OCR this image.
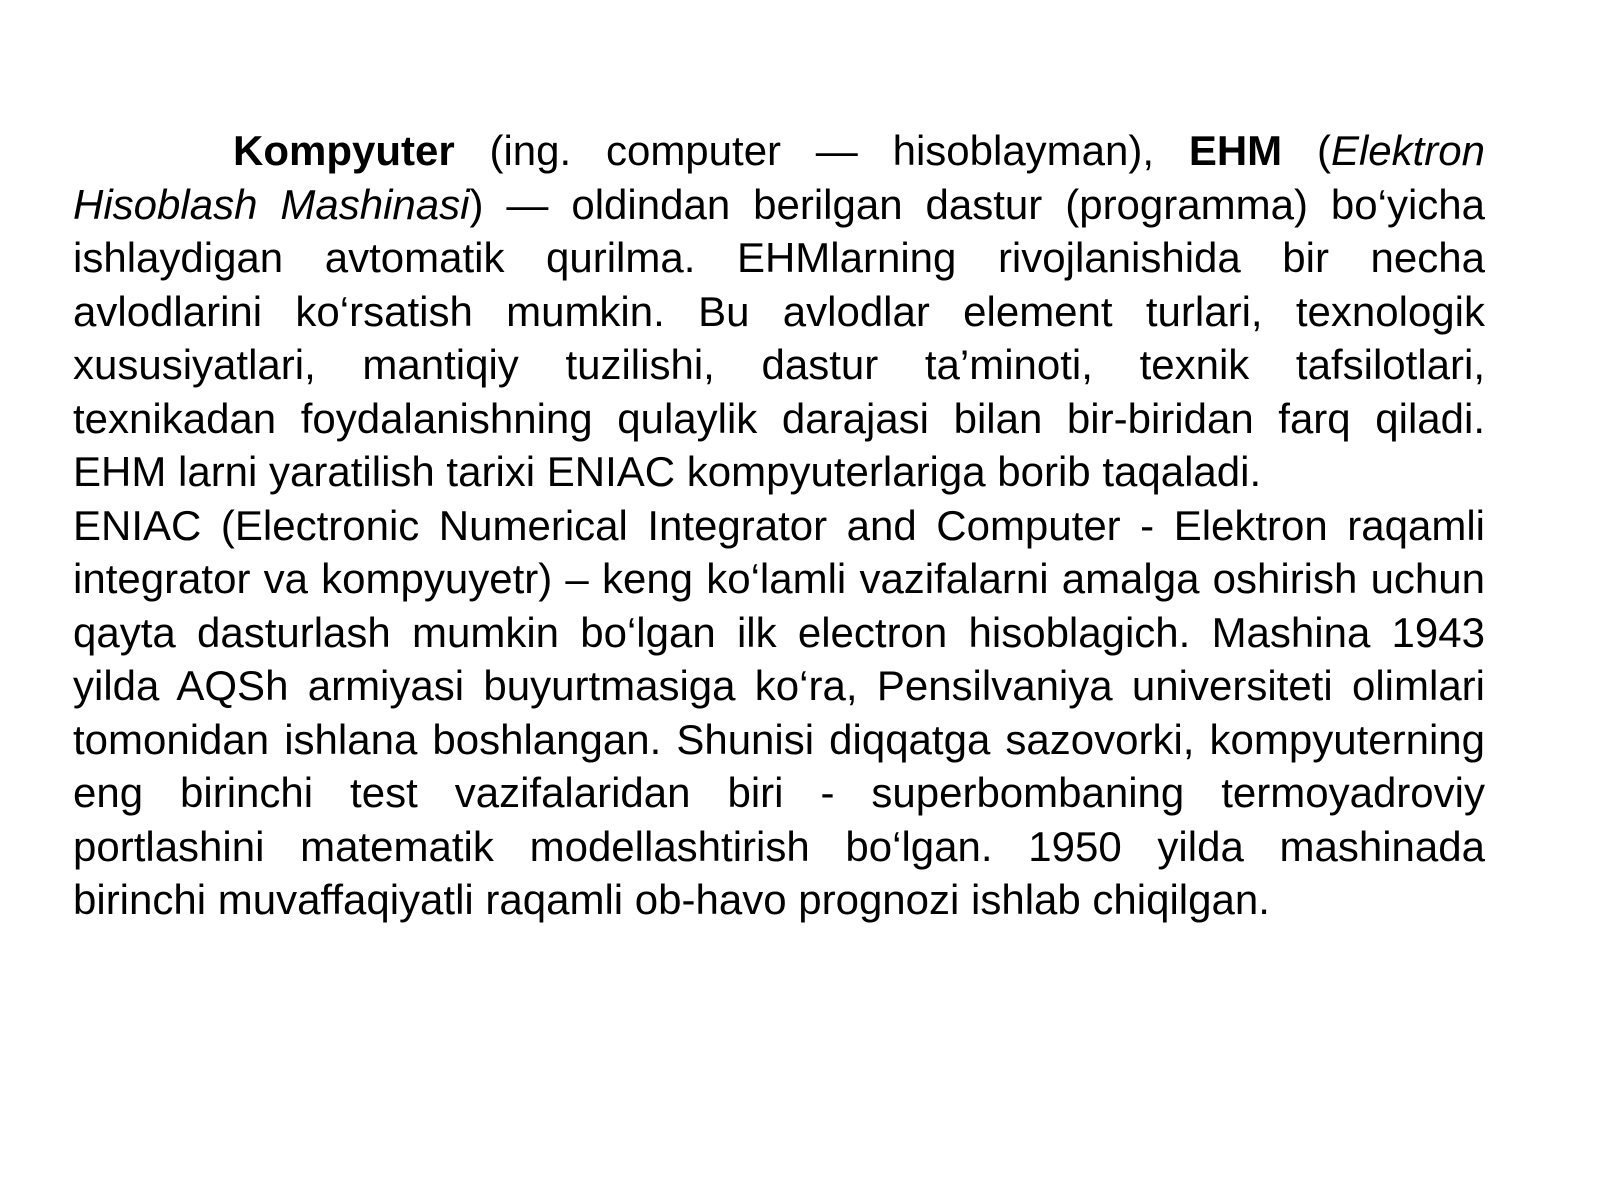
Kompyuter (ing. computer — hisoblayman), EHM (Elektron Hisoblash Mashinasi) — oldindan berilgan dastur (programma) bo‘yicha ishlaydigan avtomatik qurilma. EHMlarning rivojlanishida bir necha avlodlarini ko‘rsatish mumkin. Bu avlodlar element turlari, texnologik xususiyatlari, mantiqiy tuzilishi, dastur ta’minoti, texnik tafsilotlari, texnikadan foydalanishning qulaylik darajasi bilan bir-biridan farq qiladi. EHM larni yaratilish tarixi ENIAC kompyuterlariga borib taqaladi.

ENIAC (Electronic Numerical Integrator and Computer - Elektron raqamli integrator va kompyuyetr) – keng ko‘lamli vazifalarni amalga oshirish uchun qayta dasturlash mumkin bo‘lgan ilk electron hisoblagich. Mashina 1943 yilda AQSh armiyasi buyurtmasiga ko‘ra, Pensilvaniya universiteti olimlari tomonidan ishlana boshlangan. Shunisi diqqatga sazovorki, kompyuterning eng birinchi test vazifalaridan biri - superbombaning termoyadroviy portlashini matematik modellashtirish bo‘lgan. 1950 yilda mashinada birinchi muvaffaqiyatli raqamli ob-havo prognozi ishlab chiqilgan.
